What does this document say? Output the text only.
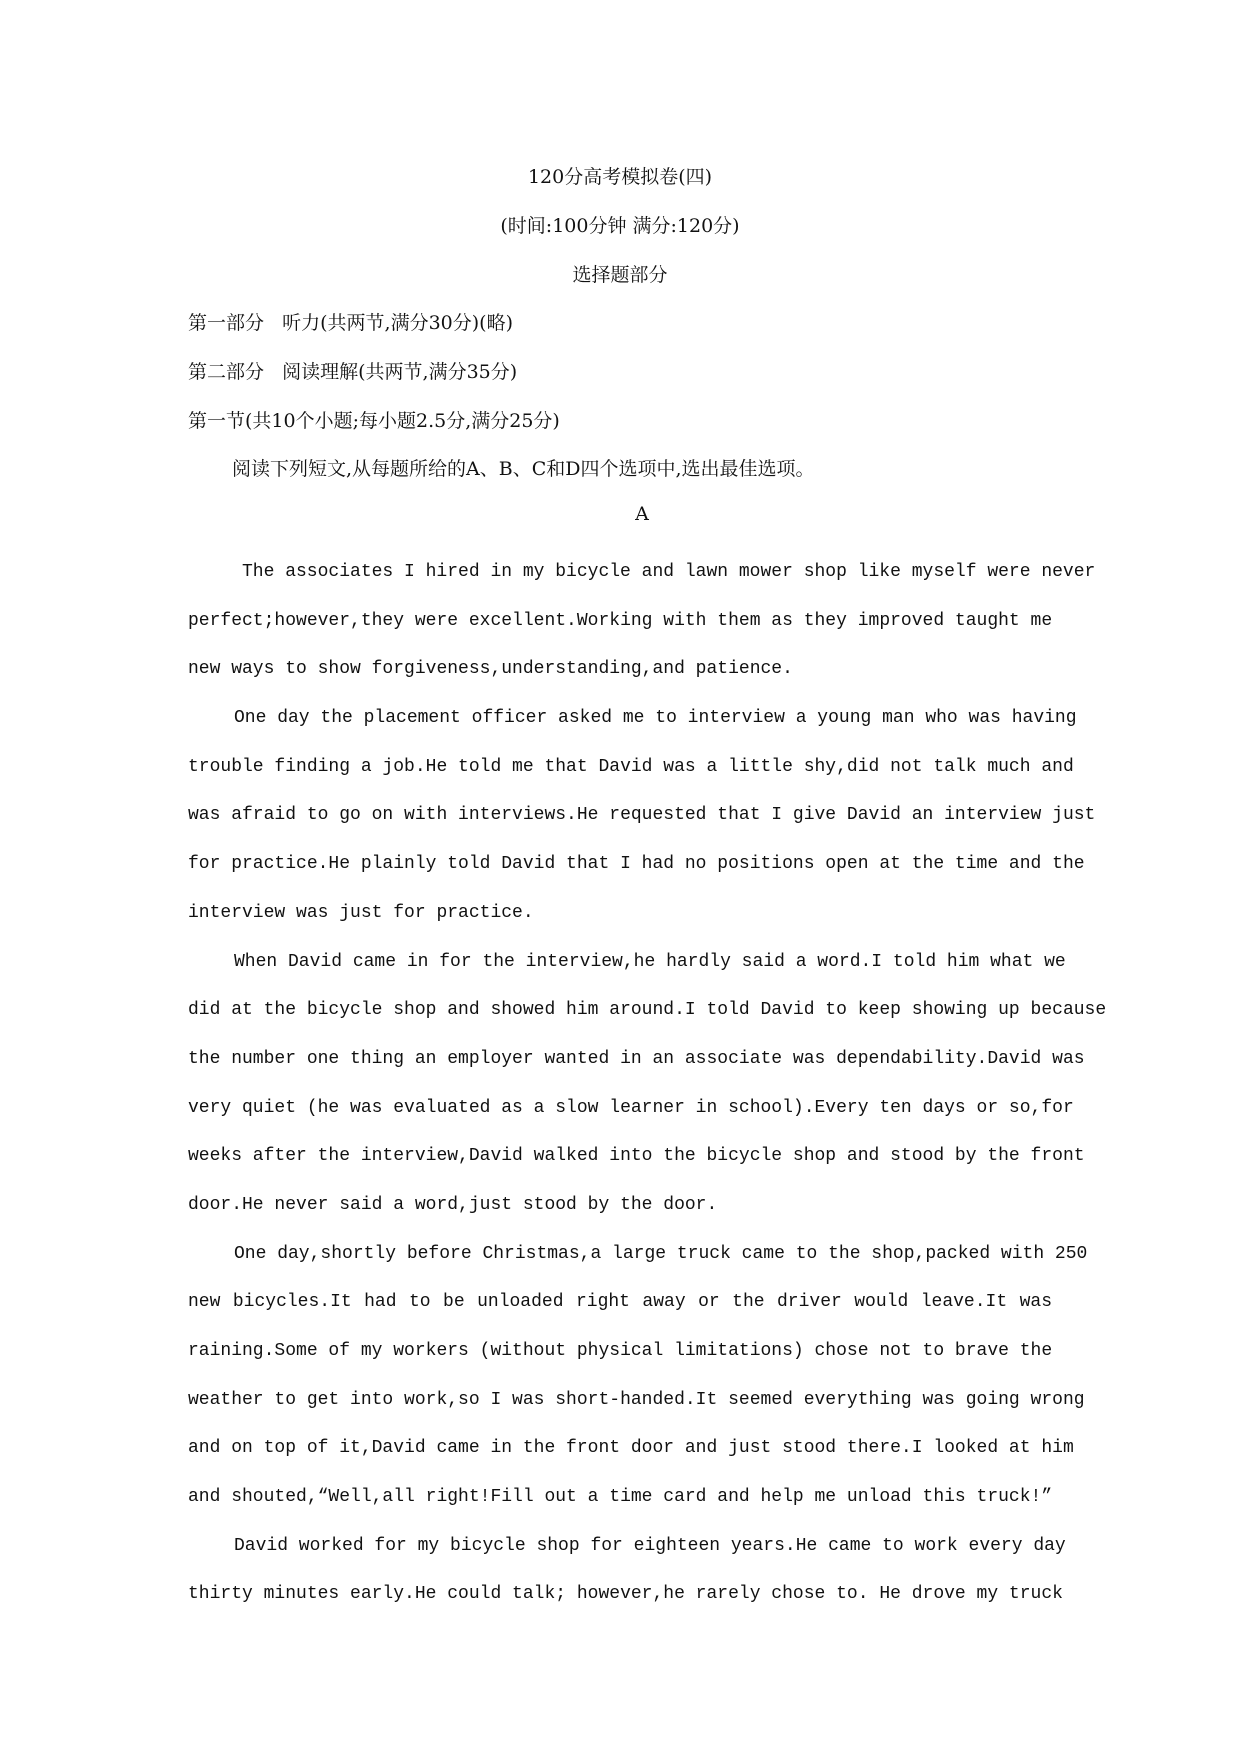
120分高考模拟卷(四)
(时间:100分钟 满分:120分)
选择题部分
第一部分   听力(共两节,满分30分)(略)
第二部分   阅读理解(共两节,满分35分)
第一节(共10个小题;每小题2.5分,满分25分)
阅读下列短文,从每题所给的A、B、C和D四个选项中,选出最佳选项。
A
The associates I hired in my bicycle and lawn mower shop like myself were never
perfect;however,they were excellent.Working with them as they improved taught me
new ways to show forgiveness,understanding,and patience.
One day the placement officer asked me to interview a young man who was having
trouble finding a job.He told me that David was a little shy,did not talk much and
was afraid to go on with interviews.He requested that I give David an interview just
for practice.He plainly told David that I had no positions open at the time and the
interview was just for practice.
When David came in for the interview,he hardly said a word.I told him what we
did at the bicycle shop and showed him around.I told David to keep showing up because
the number one thing an employer wanted in an associate was dependability.David was
very quiet (he was evaluated as a slow learner in school).Every ten days or so,for
weeks after the interview,David walked into the bicycle shop and stood by the front
door.He never said a word,just stood by the door.
One day,shortly before Christmas,a large truck came to the shop,packed with 250
new bicycles.It had to be unloaded right away or the driver would leave.It was
raining.Some of my workers (without physical limitations) chose not to brave the
weather to get into work,so I was short-handed.It seemed everything was going wrong
and on top of it,David came in the front door and just stood there.I looked at him
and shouted,“Well,all right!Fill out a time card and help me unload this truck!”
David worked for my bicycle shop for eighteen years.He came to work every day
thirty minutes early.He could talk; however,he rarely chose to. He drove my truck
